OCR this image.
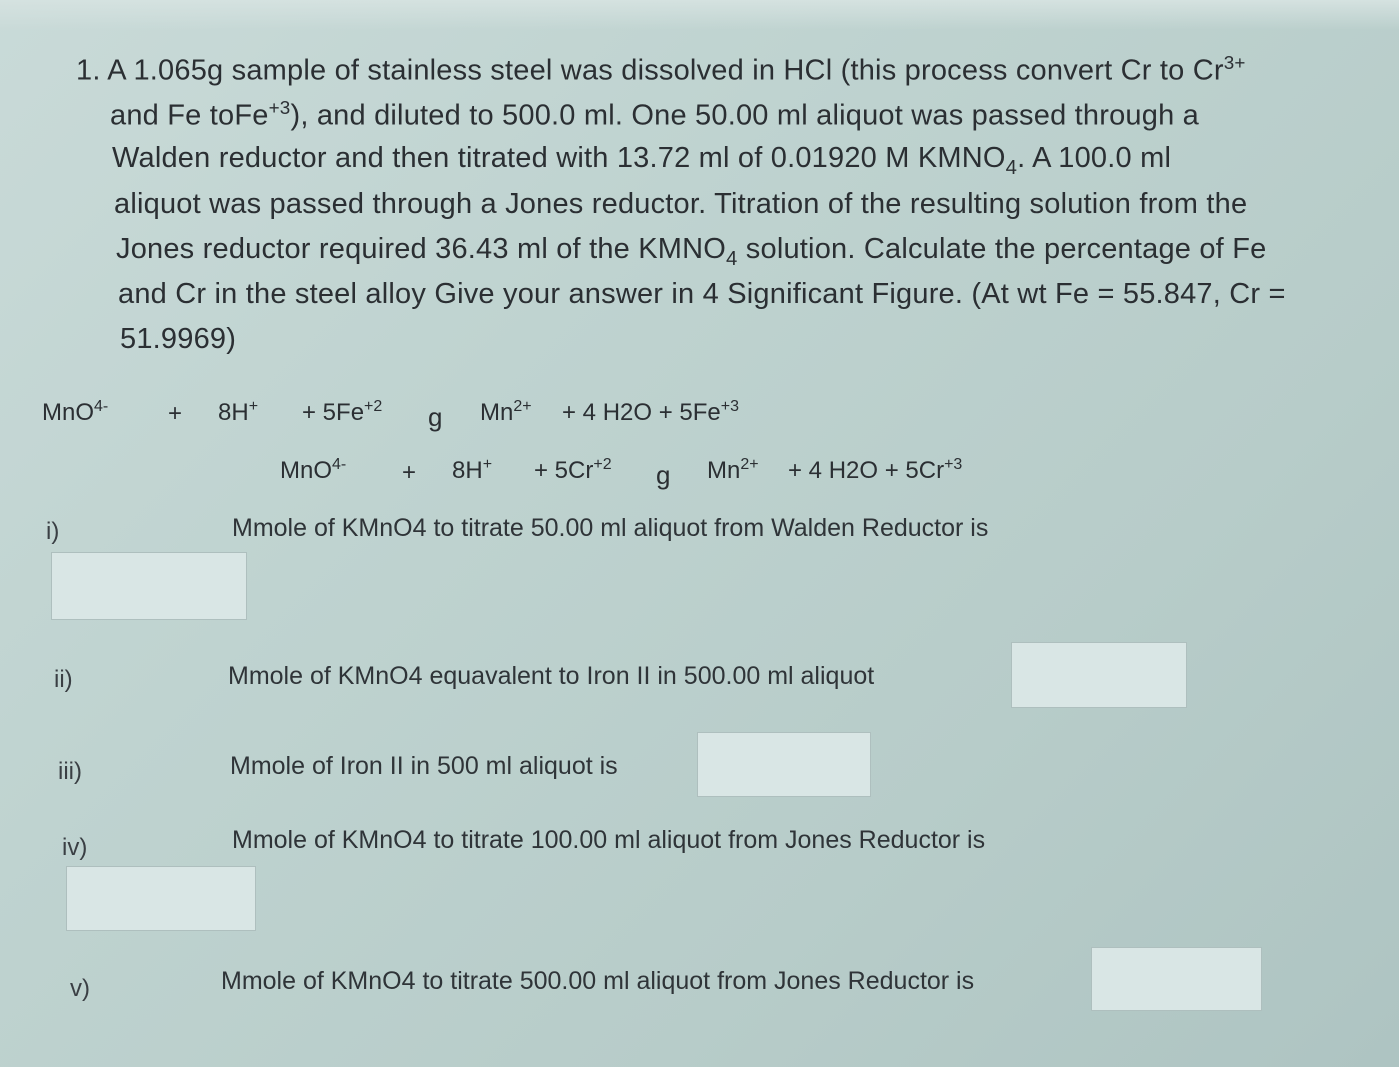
1. A 1.065g sample of stainless steel was dissolved in HCl (this process convert Cr to $Cr^{3+}$
and Fe toFe$^{+3}$), and diluted to 500.0 ml. One 50.00 ml aliquot was passed through a
Walden reductor and then titrated with 13.72 ml of 0.01920 M $KMNO_4$. A 100.0 ml
aliquot was passed through a Jones reductor. Titration of the resulting solution from the
Jones reductor required 36.43 ml of the $KMNO_4$ solution. Calculate the percentage of Fe
and Cr in the steel alloy Give your answer in 4 Significant Figure. (At wt Fe = 55.847, Cr =
51.9969)
$MnO^{4-} + 8H^+ + 5Fe^{+2}$ g $Mn^{2+} + 4$ $H2O + 5Fe^{+3}$
$MnO^{4-} + 8H^+ + 5Cr^{+2}$ g $Mn^{2+} + 4$ $H2O + 5Cr^{+3}$
i)	Mmole of KMnO4 to titrate 50.00 ml aliquot from Walden Reductor is
ii)	Mmole of KMnO4 equavalent to Iron II in 500.00 ml aliquot
iii)	Mmole of Iron II in 500 ml aliquot is
iv)	Mmole of KMnO4 to titrate 100.00 ml aliquot from Jones Reductor is
v)	Mmole of KMnO4 to titrate 500.00 ml aliquot from Jones Reductor is
